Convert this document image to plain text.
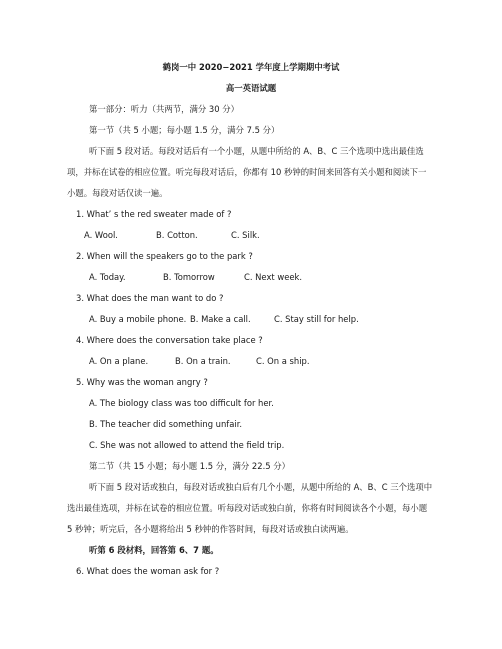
鹤岗一中 2020−2021 学年度上学期期中考试
高一英语试题
第一部分：听力（共两节，满分 30 分）
第一节（共 5 小题；每小题 1.5 分，满分 7.5 分）
听下面 5 段对话。每段对话后有一个小题，从题中所给的 A、B、C 三个选项中选出最佳选
项，并标在试卷的相应位置。听完每段对话后，你都有 10 秒钟的时间来回答有关小题和阅读下一
小题。每段对话仅读一遍。
1. What’ s the red sweater made of ?
A. Wool.	B. Cotton.	C. Silk.
2. When will the speakers go to the park ?
A. Today.	B. Tomorrow	C. Next week.
3. What does the man want to do ?
A. Buy a mobile phone. B. Make a call.	C. Stay still for help.
4. Where does the conversation take place ?
A. On a plane.	B. On a train.	C. On a ship.
5. Why was the woman angry ?
A. The biology class was too difficult for her.
B. The teacher did something unfair.
C. She was not allowed to attend the field trip.
第二节（共 15 小题；每小题 1.5 分，满分 22.5 分）
听下面 5 段对话或独白，每段对话或独白后有几个小题，从题中所给的 A、B、C 三个选项中
选出最佳选项，并标在试卷的相应位置。听每段对话或独白前，你将有时间阅读各个小题，每小题
5 秒钟；听完后，各小题将给出 5 秒钟的作答时间，每段对话或独白读两遍。
听第 6 段材料，回答第 6、7 题。
6. What does the woman ask for ?
